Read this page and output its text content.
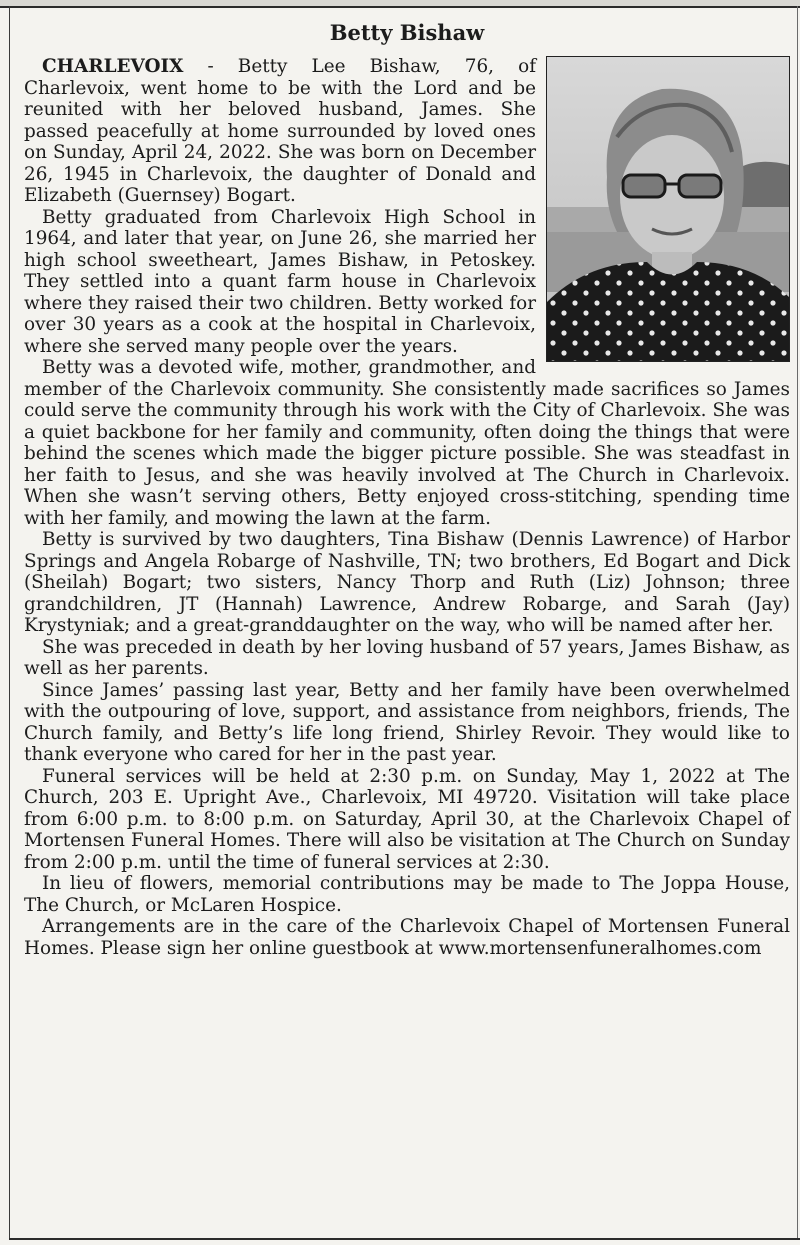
Betty Bishaw

CHARLEVOIX - Betty Lee Bishaw, 76, of Charlevoix, went home to be with the Lord and be reunited with her beloved husband, James. She passed peacefully at home surrounded by loved ones on Sunday, April 24, 2022. She was born on December 26, 1945 in Charlevoix, the daughter of Donald and Elizabeth (Guernsey) Bogart.

Betty graduated from Charlevoix High School in 1964, and later that year, on June 26, she married her high school sweetheart, James Bishaw, in Petoskey. They settled into a quant farm house in Charlevoix where they raised their two children. Betty worked for over 30 years as a cook at the hospital in Charlevoix, where she served many people over the years.

Betty was a devoted wife, mother, grandmother, and member of the Charlevoix community. She consistently made sacrifices so James could serve the community through his work with the City of Charlevoix. She was a quiet backbone for her family and community, often doing the things that were behind the scenes which made the bigger picture possible. She was steadfast in her faith to Jesus, and she was heavily involved at The Church in Charlevoix. When she wasn’t serving others, Betty enjoyed cross-stitching, spending time with her family, and mowing the lawn at the farm.

Betty is survived by two daughters, Tina Bishaw (Dennis Lawrence) of Harbor Springs and Angela Robarge of Nashville, TN; two brothers, Ed Bogart and Dick (Sheilah) Bogart; two sisters, Nancy Thorp and Ruth (Liz) Johnson; three grandchildren, JT (Hannah) Lawrence, Andrew Robarge, and Sarah (Jay) Krystyniak; and a great-granddaughter on the way, who will be named after her.

She was preceded in death by her loving husband of 57 years, James Bishaw, as well as her parents.

Since James’ passing last year, Betty and her family have been overwhelmed with the outpouring of love, support, and assistance from neighbors, friends, The Church family, and Betty’s life long friend, Shirley Revoir. They would like to thank everyone who cared for her in the past year.

Funeral services will be held at 2:30 p.m. on Sunday, May 1, 2022 at The Church, 203 E. Upright Ave., Charlevoix, MI 49720. Visitation will take place from 6:00 p.m. to 8:00 p.m. on Saturday, April 30, at the Charlevoix Chapel of Mortensen Funeral Homes. There will also be visitation at The Church on Sunday from 2:00 p.m. until the time of funeral services at 2:30.

In lieu of flowers, memorial contributions may be made to The Joppa House, The Church, or McLaren Hospice.

Arrangements are in the care of the Charlevoix Chapel of Mortensen Funeral Homes. Please sign her online guestbook at www.mortensenfuneralhomes.com
